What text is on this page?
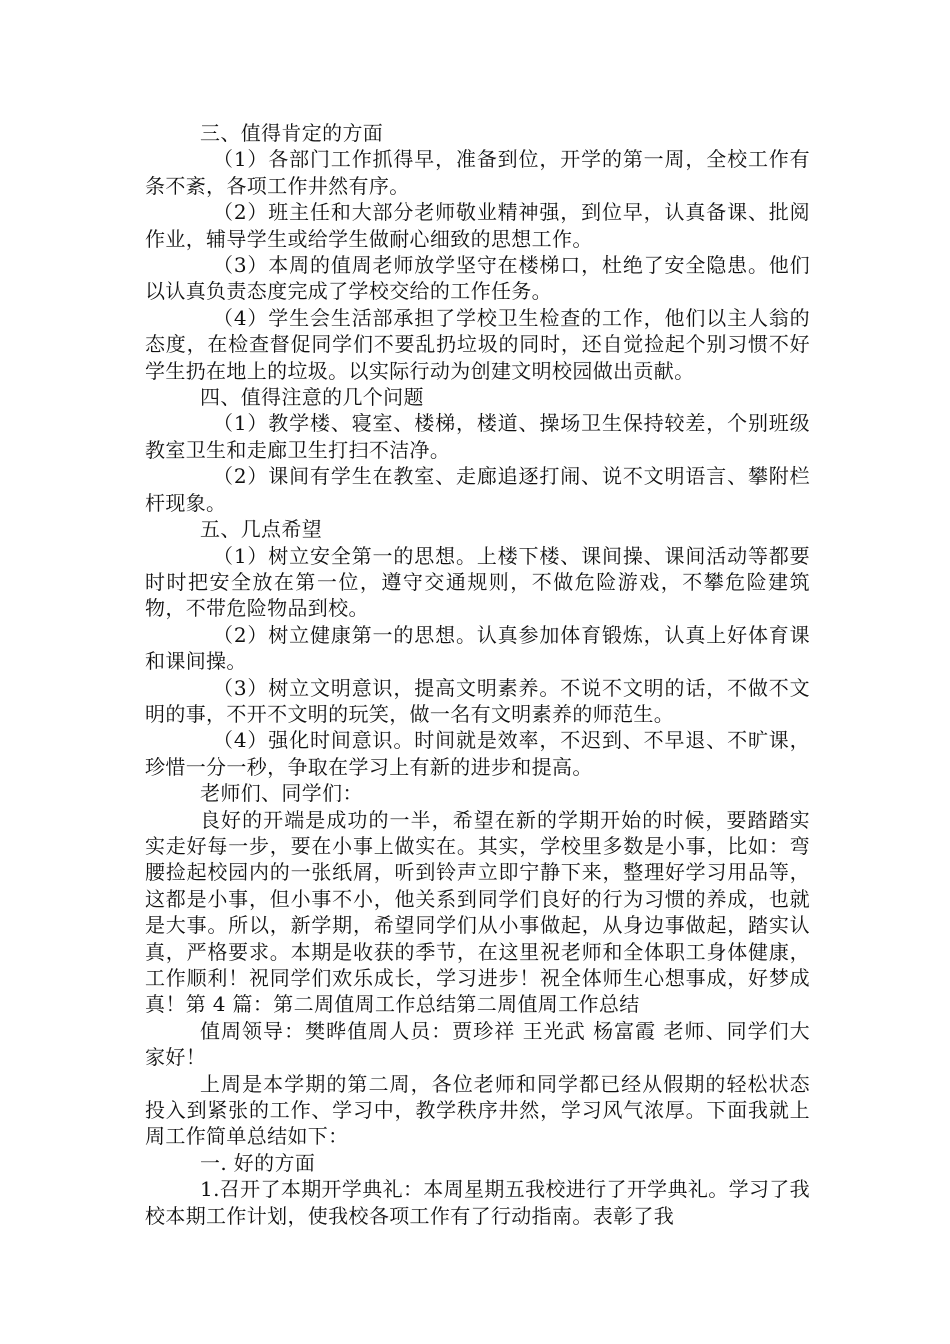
三、值得肯定的方面

（1）各部门工作抓得早，准备到位，开学的第一周，全校工作有条不紊，各项工作井然有序。

（2）班主任和大部分老师敬业精神强，到位早，认真备课、批阅作业，辅导学生或给学生做耐心细致的思想工作。

（3）本周的值周老师放学坚守在楼梯口，杜绝了安全隐患。他们以认真负责态度完成了学校交给的工作任务。

（4）学生会生活部承担了学校卫生检查的工作，他们以主人翁的态度，在检查督促同学们不要乱扔垃圾的同时，还自觉捡起个别习惯不好学生扔在地上的垃圾。以实际行动为创建文明校园做出贡献。

四、值得注意的几个问题

（1）教学楼、寝室、楼梯，楼道、操场卫生保持较差，个别班级教室卫生和走廊卫生打扫不洁净。

（2）课间有学生在教室、走廊追逐打闹、说不文明语言、攀附栏杆现象。

五、几点希望

（1）树立安全第一的思想。上楼下楼、课间操、课间活动等都要时时把安全放在第一位，遵守交通规则，不做危险游戏，不攀危险建筑物，不带危险物品到校。

（2）树立健康第一的思想。认真参加体育锻炼，认真上好体育课和课间操。

（3）树立文明意识，提高文明素养。不说不文明的话，不做不文明的事，不开不文明的玩笑，做一名有文明素养的师范生。

（4）强化时间意识。时间就是效率，不迟到、不早退、不旷课，珍惜一分一秒，争取在学习上有新的进步和提高。

老师们、同学们：

良好的开端是成功的一半，希望在新的学期开始的时候，要踏踏实实走好每一步，要在小事上做实在。其实，学校里多数是小事，比如：弯腰捡起校园内的一张纸屑，听到铃声立即宁静下来，整理好学习用品等，这都是小事，但小事不小，他关系到同学们良好的行为习惯的养成，也就是大事。所以，新学期，希望同学们从小事做起，从身边事做起，踏实认真，严格要求。本期是收获的季节，在这里祝老师和全体职工身体健康，工作顺利！祝同学们欢乐成长，学习进步！祝全体师生心想事成，好梦成真！第 4 篇：第二周值周工作总结第二周值周工作总结

值周领导：樊晔值周人员：贾珍祥 王光武 杨富霞 老师、同学们大家好！

上周是本学期的第二周，各位老师和同学都已经从假期的轻松状态投入到紧张的工作、学习中，教学秩序井然，学习风气浓厚。下面我就上周工作简单总结如下：

一. 好的方面

1.召开了本期开学典礼：本周星期五我校进行了开学典礼。学习了我校本期工作计划，使我校各项工作有了行动指南。表彰了我
